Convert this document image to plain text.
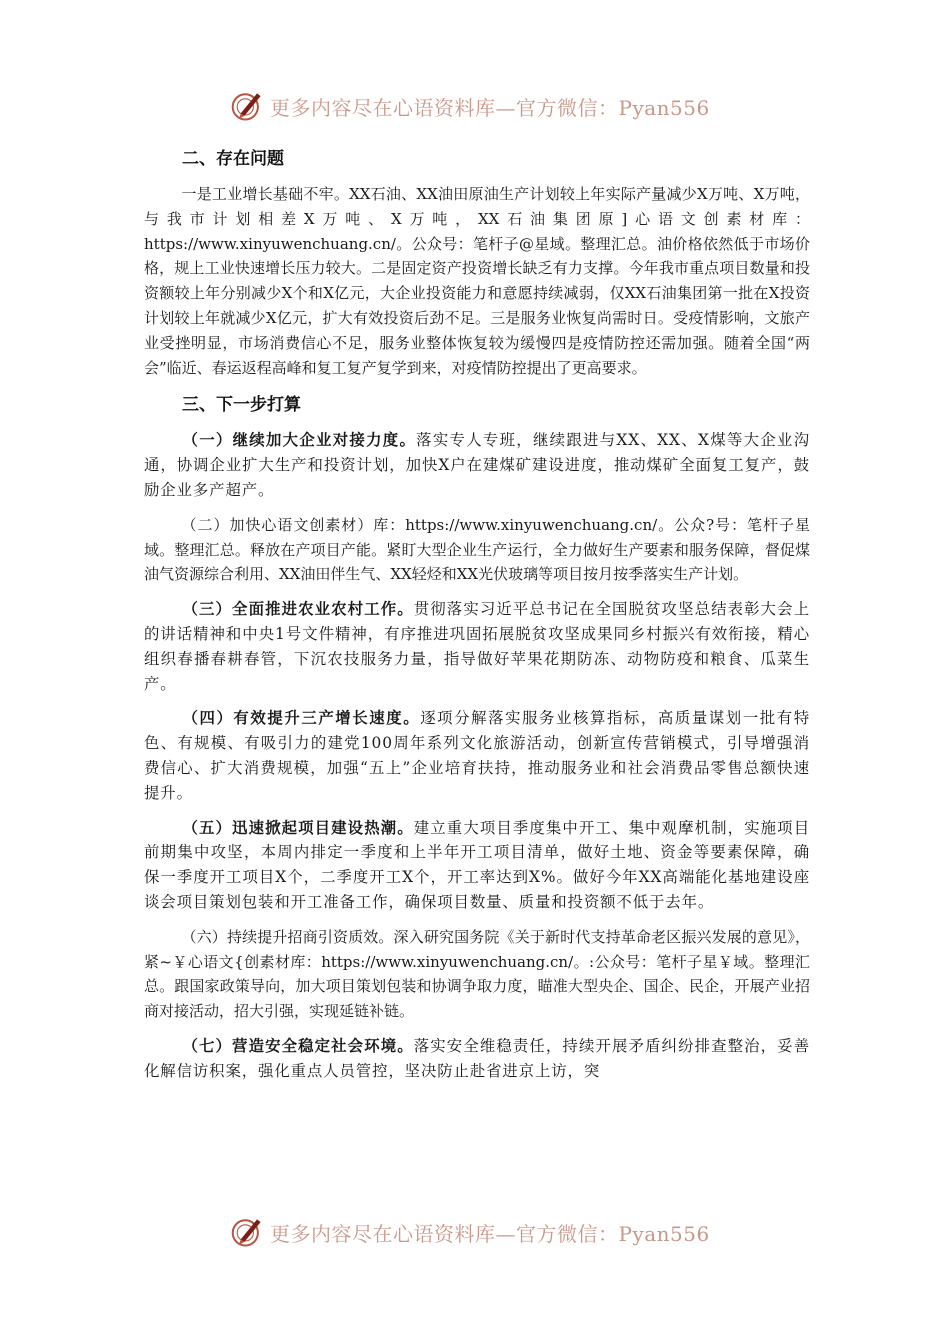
更多内容尽在心语资料库—官方微信：Pyan556
二、存在问题

一是工业增长基础不牢。XX石油、XX油田原油生产计划较上年实际产量减少X万吨、X万吨，与我市计划相差X万吨、X万吨，XX石油集团原]心语文创素材库：https://www.xinyuwenchuang.cn/。公众号：笔杆子@星域。整理汇总。油价格依然低于市场价格，规上工业快速增长压力较大。二是固定资产投资增长缺乏有力支撑。今年我市重点项目数量和投资额较上年分别减少X个和X亿元，大企业投资能力和意愿持续减弱，仅XX石油集团第一批在X投资计划较上年就减少X亿元，扩大有效投资后劲不足。三是服务业恢复尚需时日。受疫情影响，文旅产业受挫明显，市场消费信心不足，服务业整体恢复较为缓慢四是疫情防控还需加强。随着全国“两会”临近、春运返程高峰和复工复产复学到来，对疫情防控提出了更高要求。

三、下一步打算

（一）继续加大企业对接力度。落实专人专班，继续跟进与XX、XX、X煤等大企业沟通，协调企业扩大生产和投资计划，加快X户在建煤矿建设进度，推动煤矿全面复工复产，鼓励企业多产超产。

（二）加快心语文创素材）库：https://www.xinyuwenchuang.cn/。公众?号：笔杆子星域。整理汇总。释放在产项目产能。紧盯大型企业生产运行，全力做好生产要素和服务保障，督促煤油气资源综合利用、XX油田伴生气、XX轻烃和XX光伏玻璃等项目按月按季落实生产计划。

（三）全面推进农业农村工作。贯彻落实习近平总书记在全国脱贫攻坚总结表彰大会上的讲话精神和中央1号文件精神，有序推进巩固拓展脱贫攻坚成果同乡村振兴有效衔接，精心组织春播春耕春管，下沉农技服务力量，指导做好苹果花期防冻、动物防疫和粮食、瓜菜生产。

（四）有效提升三产增长速度。逐项分解落实服务业核算指标，高质量谋划一批有特色、有规模、有吸引力的建党100周年系列文化旅游活动，创新宣传营销模式，引导增强消费信心、扩大消费规模，加强“五上”企业培育扶持，推动服务业和社会消费品零售总额快速提升。

（五）迅速掀起项目建设热潮。建立重大项目季度集中开工、集中观摩机制，实施项目前期集中攻坚，本周内排定一季度和上半年开工项目清单，做好土地、资金等要素保障，确保一季度开工项目X个，二季度开工X个，开工率达到X%。做好今年XX高端能化基地建设座谈会项目策划包装和开工准备工作，确保项目数量、质量和投资额不低于去年。

（六）持续提升招商引资质效。深入研究国务院《关于新时代支持革命老区振兴发展的意见》，紧~￥心语文{创素材库：https://www.xinyuwenchuang.cn/。:公众号：笔杆子星￥域。整理汇总。跟国家政策导向，加大项目策划包装和协调争取力度，瞄准大型央企、国企、民企，开展产业招商对接活动，招大引强，实现延链补链。

（七）营造安全稳定社会环境。落实安全维稳责任，持续开展矛盾纠纷排查整治，妥善化解信访积案，强化重点人员管控，坚决防止赴省进京上访，突

更多内容尽在心语资料库—官方微信：Pyan556
